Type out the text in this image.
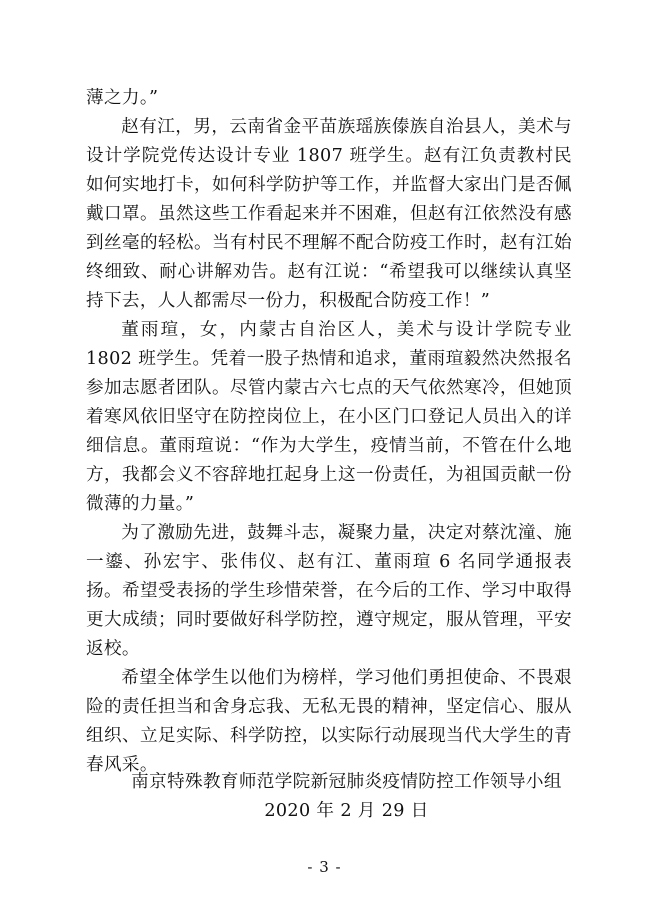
薄之力。”

赵有江，男，云南省金平苗族瑶族傣族自治县人，美术与设计学院党传达设计专业 1807 班学生。赵有江负责教村民如何实地打卡，如何科学防护等工作，并监督大家出门是否佩戴口罩。虽然这些工作看起来并不困难，但赵有江依然没有感到丝毫的轻松。当有村民不理解不配合防疫工作时，赵有江始终细致、耐心讲解劝告。赵有江说：“希望我可以继续认真坚持下去，人人都需尽一份力，积极配合防疫工作！”

董雨瑄，女，内蒙古自治区人，美术与设计学院专业 1802 班学生。凭着一股子热情和追求，董雨瑄毅然决然报名参加志愿者团队。尽管内蒙古六七点的天气依然寒冷，但她顶着寒风依旧坚守在防控岗位上，在小区门口登记人员出入的详细信息。董雨瑄说：“作为大学生，疫情当前，不管在什么地方，我都会义不容辞地扛起身上这一份责任，为祖国贡献一份微薄的力量。”

为了激励先进，鼓舞斗志，凝聚力量，决定对蔡沈潼、施一鎏、孙宏宇、张伟仪、赵有江、董雨瑄 6 名同学通报表扬。希望受表扬的学生珍惜荣誉，在今后的工作、学习中取得更大成绩；同时要做好科学防控，遵守规定，服从管理，平安返校。

希望全体学生以他们为榜样，学习他们勇担使命、不畏艰险的责任担当和舍身忘我、无私无畏的精神，坚定信心、服从组织、立足实际、科学防控，以实际行动展现当代大学生的青春风采。

南京特殊教育师范学院新冠肺炎疫情防控工作领导小组
2020 年 2 月 29 日
- 3 -
